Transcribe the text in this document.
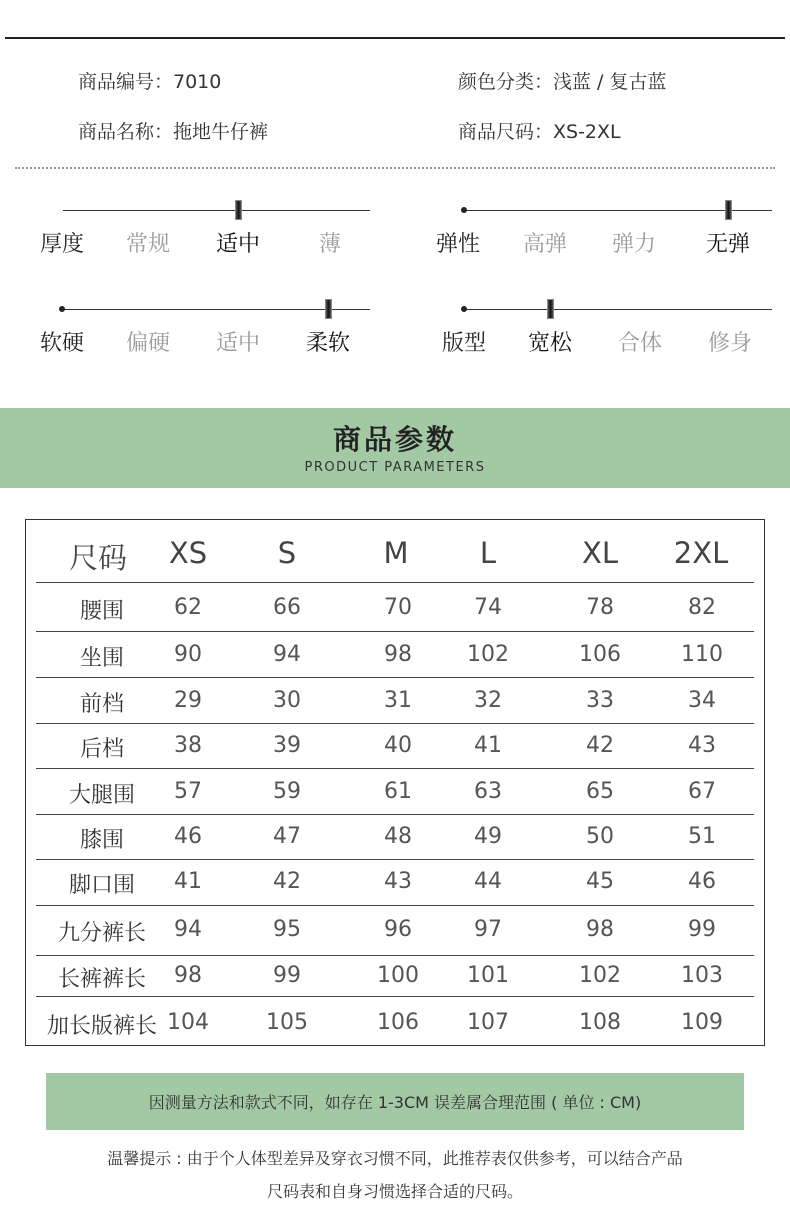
商品编号：7010	颜色分类：浅蓝 / 复古蓝
商品名称：拖地牛仔裤	商品尺码：XS-2XL
厚度 常规 适中	薄	弹性 高弹 弹力 无弹
软硬 偏硬 适中 柔软	版型 宽松 合体 修身
商品参数
PRODUCT PARAMETERS
尺码 XS S	M L	XL 2XL
腰围 62	66	70	74	78	82
坐围 90	94	98	102	106	110
前档 29	30	31	32	33	34
后档 38	39	40	41	42	43
大腿围 57	59	61	63	65	67
膝围 46	47	48	49	50	51
脚口围 41	42	43	44	45	46
九分裤长 94	95	96	97	98	99
长裤裤长 98	99	100 101	102	103
加长版裤长 104	105	106 107	108	109
因测量方法和款式不同，如存在 1-3CM 误差属合理范围 ( 单位 : CM)
温馨提示 : 由于个人体型差异及穿衣习惯不同，此推荐表仅供参考，可以结合产品
尺码表和自身习惯选择合适的尺码。
